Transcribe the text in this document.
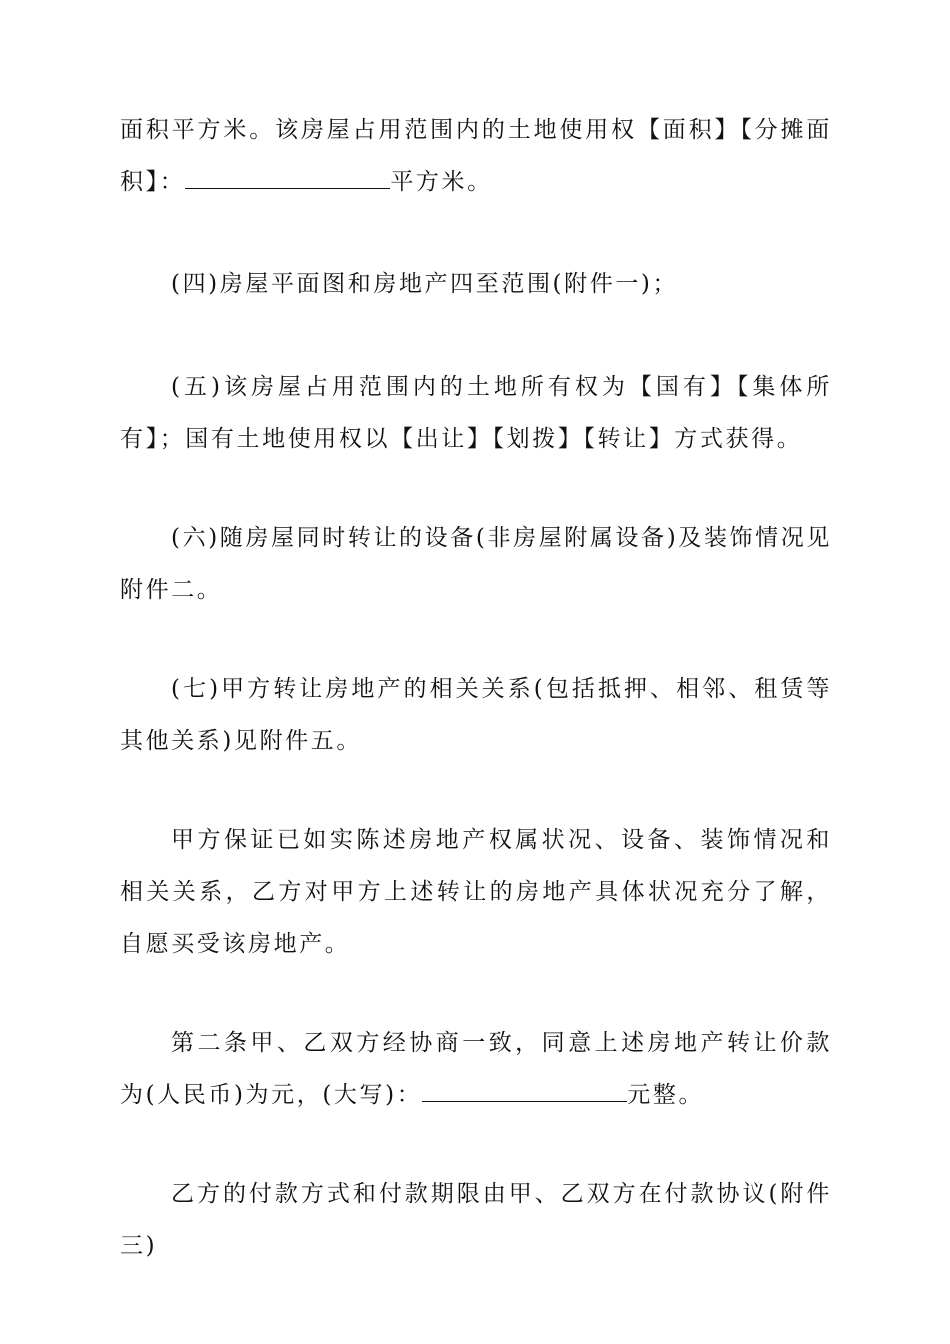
面积平方米。该房屋占用范围内的土地使用权【面积】【分摊面积】：	平方米。

(四)房屋平面图和房地产四至范围(附件一)；

(五)该房屋占用范围内的土地所有权为【国有】【集体所有】；国有土地使用权以【出让】【划拨】【转让】方式获得。

(六)随房屋同时转让的设备(非房屋附属设备)及装饰情况见附件二。

(七)甲方转让房地产的相关关系(包括抵押、相邻、租赁等其他关系)见附件五。

甲方保证已如实陈述房地产权属状况、设备、装饰情况和相关关系，乙方对甲方上述转让的房地产具体状况充分了解，自愿买受该房地产。

第二条甲、乙双方经协商一致，同意上述房地产转让价款为(人民币)为元，(大写)：	元整。

乙方的付款方式和付款期限由甲、乙双方在付款协议(附件三)
